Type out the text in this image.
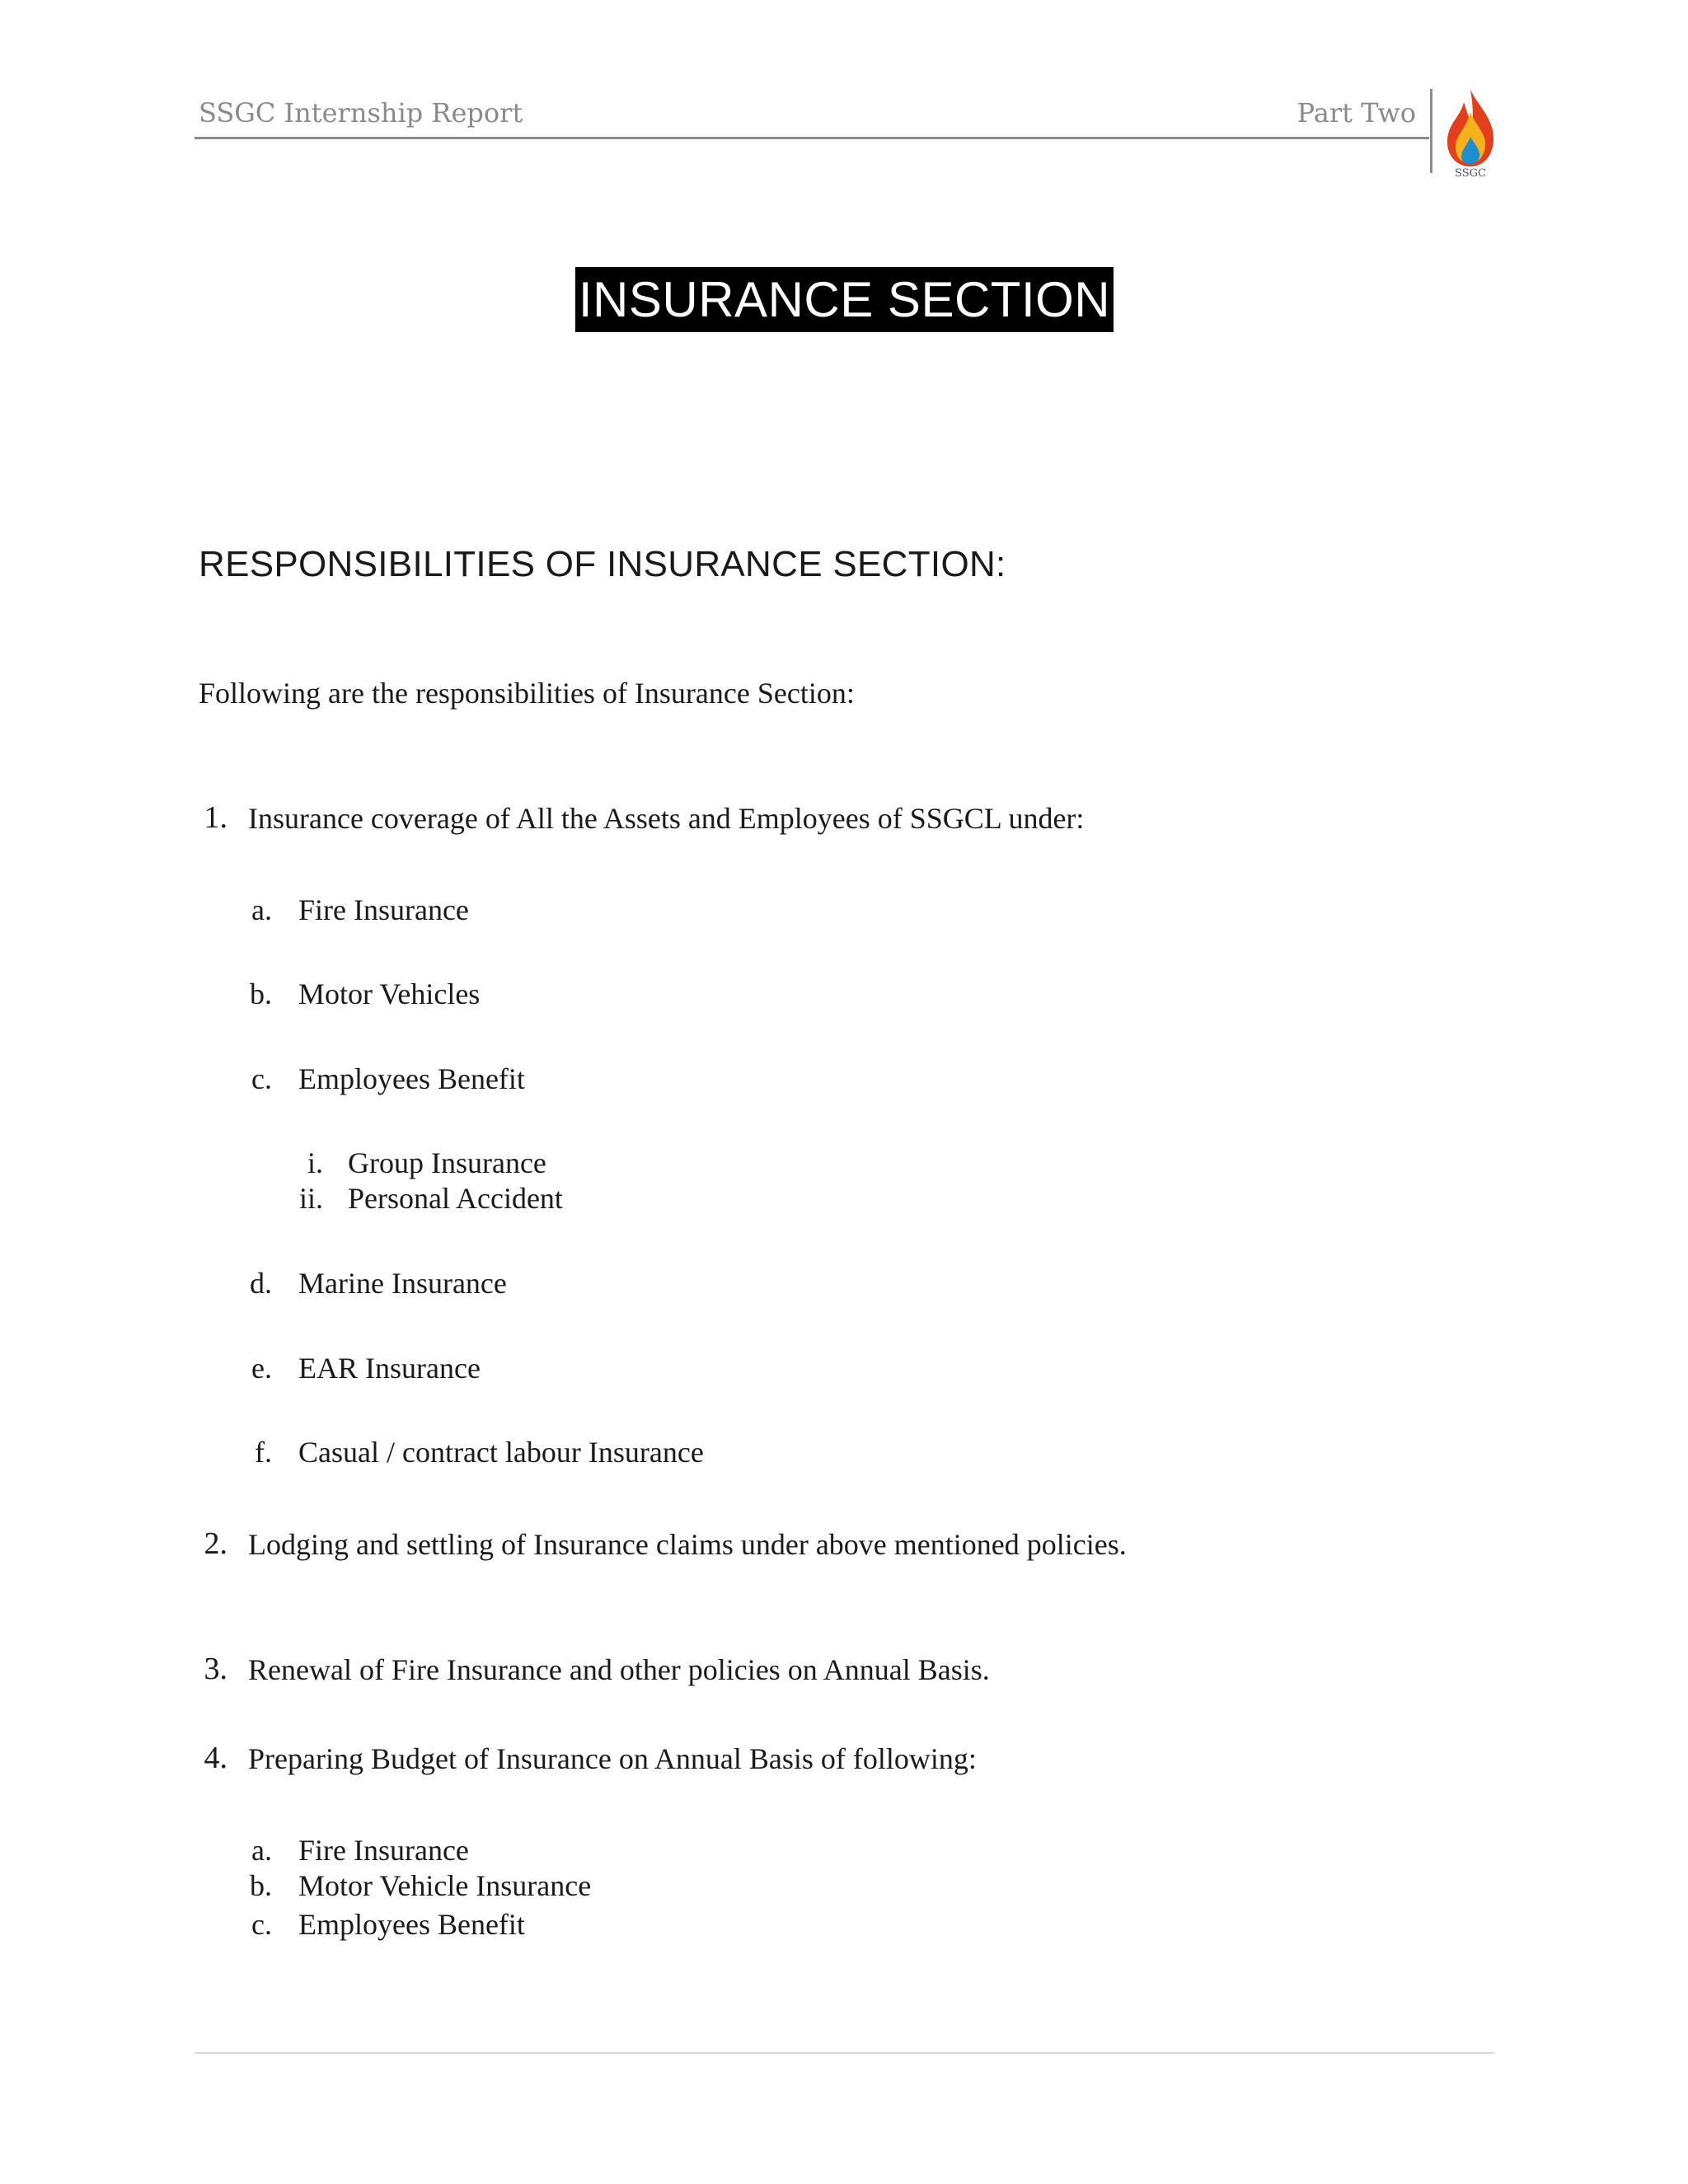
SSGC Internship Report	Part Two
SSGC
INSURANCE SECTION
RESPONSIBILITIES OF INSURANCE SECTION:
Following are the responsibilities of Insurance Section:
1. Insurance coverage of All the Assets and Employees of SSGCL under:
a. Fire Insurance
b. Motor Vehicles
c. Employees Benefit
i. Group Insurance
ii. Personal Accident
d. Marine Insurance
e. EAR Insurance
f. Casual / contract labour Insurance
2. Lodging and settling of Insurance claims under above mentioned policies.
3. Renewal of Fire Insurance and other policies on Annual Basis.
4. Preparing Budget of Insurance on Annual Basis of following:
a. Fire Insurance
b. Motor Vehicle Insurance
c. Employees Benefit
